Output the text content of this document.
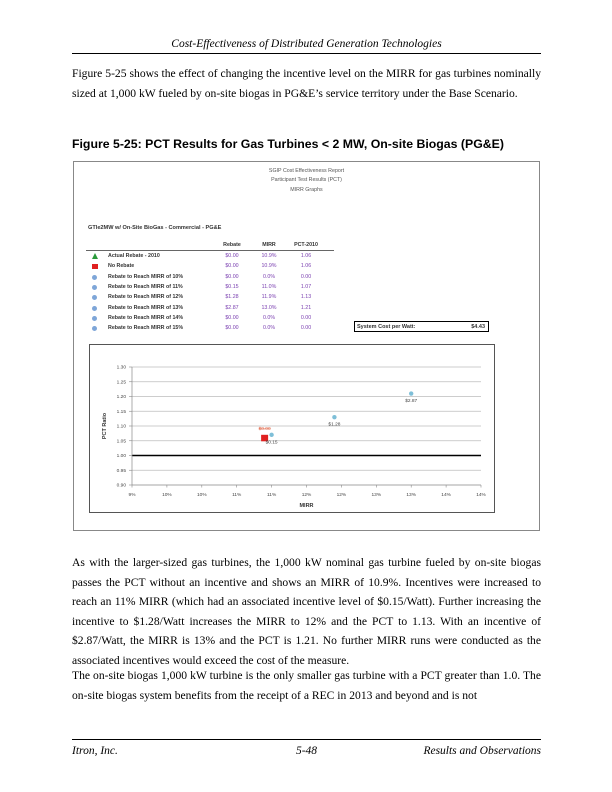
Cost-Effectiveness of Distributed Generation Technologies
Figure 5-25 shows the effect of changing the incentive level on the MIRR for gas turbines nominally sized at 1,000 kW fueled by on-site biogas in PG&E’s service territory under the Base Scenario.
Figure 5-25: PCT Results for Gas Turbines < 2 MW, On-site Biogas (PG&E)
SGIP Cost Effectiveness Report
Participant Test Results (PCT)
MIRR Graphs
GTle2MW w/ On-Site BioGas - Commercial - PG&E
Rebate	MIRR	PCT-2010
Actual Rebate - 2010	$0.00	10.9%	1.06
No Rebate	$0.00	10.9%	1.06
Rebate to Reach MIRR of 10%	$0.00	0.0%	0.00
Rebate to Reach MIRR of 11%	$0.15	11.0%	1.07
Rebate to Reach MIRR of 12%	$1.28	11.9%	1.13
Rebate to Reach MIRR of 13%	$2.87	13.0%	1.21
Rebate to Reach MIRR of 14%	$0.00	0.0%	0.00
Rebate to Reach MIRR of 15%	$0.00	0.0%	0.00	System Cost per Watt:	$4.43
0.90
0.95
1.00
1.05
1.10
1.15
1.20
1.25
1.30
9%	10%	10%	11%	11%	12%	12%	13%	13%	14%	14%
$0.00
$0.15
$1.28
$2.87
PCT Ratio
MIRR
As with the larger-sized gas turbines, the 1,000 kW nominal gas turbine fueled by on-site biogas passes the PCT without an incentive and shows an MIRR of 10.9%. Incentives were increased to reach an 11% MIRR (which had an associated incentive level of $0.15/Watt). Further increasing the incentive to $1.28/Watt increases the MIRR to 12% and the PCT to 1.13. With an incentive of $2.87/Watt, the MIRR is 13% and the PCT is 1.21. No further MIRR runs were conducted as the associated incentives would exceed the cost of the measure.
The on-site biogas 1,000 kW turbine is the only smaller gas turbine with a PCT greater than 1.0. The on-site biogas system benefits from the receipt of a REC in 2013 and beyond and is not
Itron, Inc.	5-48	Results and Observations
